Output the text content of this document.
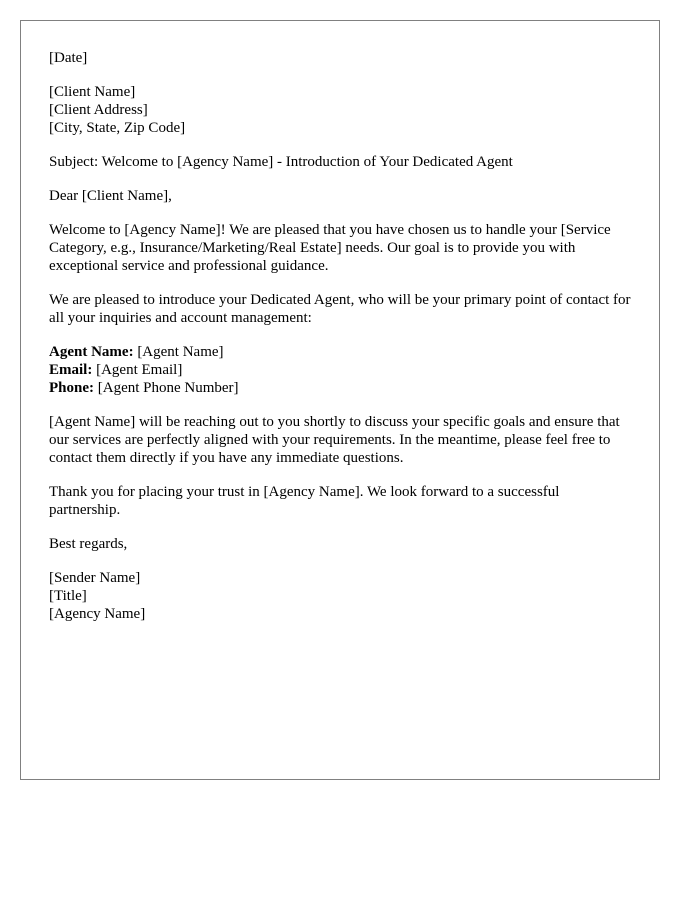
[Date]
[Client Name]
[Client Address]
[City, State, Zip Code]
Subject: Welcome to [Agency Name] - Introduction of Your Dedicated Agent
Dear [Client Name],

Welcome to [Agency Name]! We are pleased that you have chosen us to handle your [Service Category, e.g., Insurance/Marketing/Real Estate] needs. Our goal is to provide you with exceptional service and professional guidance.

We are pleased to introduce your Dedicated Agent, who will be your primary point of contact for all your inquiries and account management:

Agent Name: [Agent Name]
Email: [Agent Email]
Phone: [Agent Phone Number]

[Agent Name] will be reaching out to you shortly to discuss your specific goals and ensure that our services are perfectly aligned with your requirements. In the meantime, please feel free to contact them directly if you have any immediate questions.

Thank you for placing your trust in [Agency Name]. We look forward to a successful partnership.

Best regards,
[Sender Name]
[Title]
[Agency Name]
